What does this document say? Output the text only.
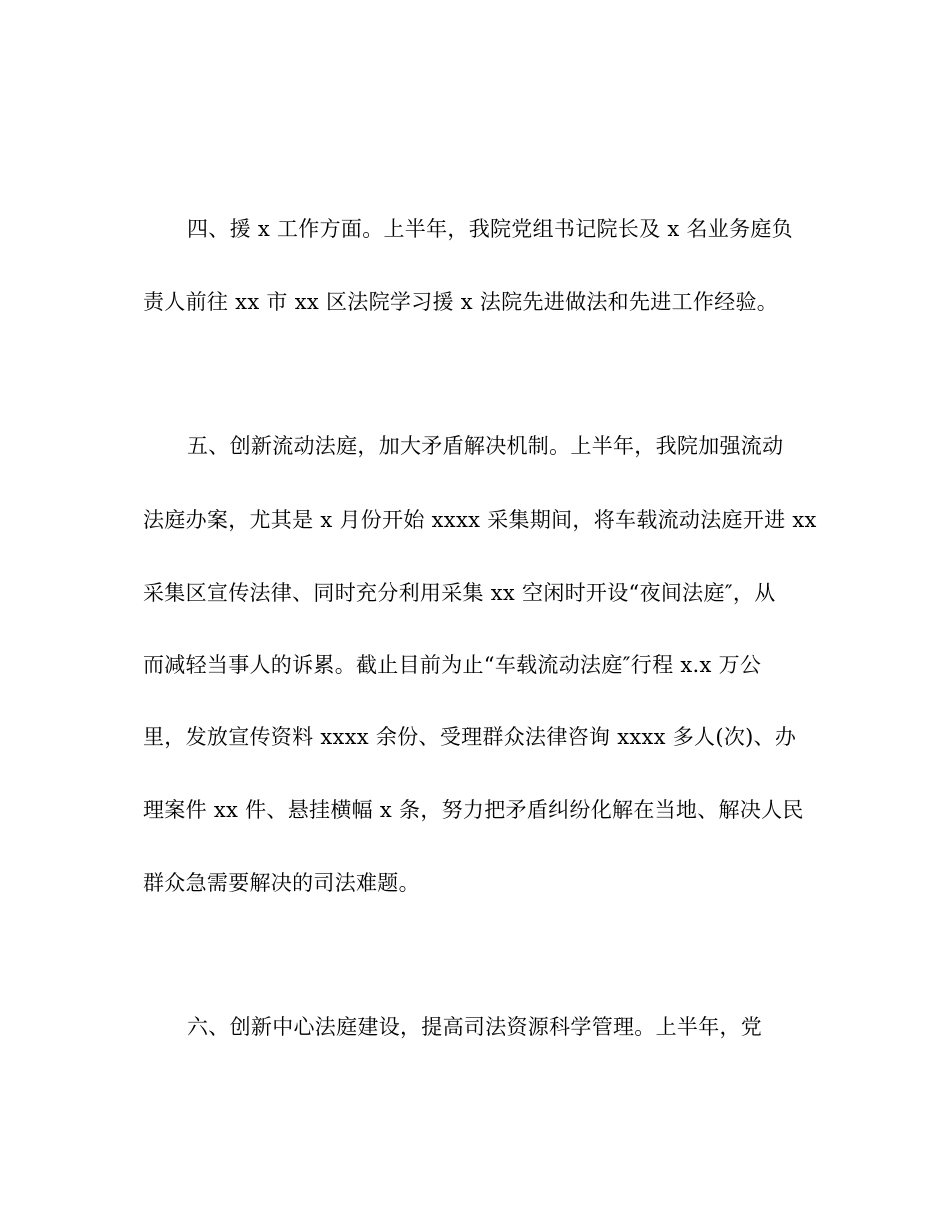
四、援 x 工作方面。上半年，我院党组书记院长及 x 名业务庭负
责人前往 xx 市 xx 区法院学习援 x 法院先进做法和先进工作经验。
五、创新流动法庭，加大矛盾解决机制。上半年，我院加强流动
法庭办案，尤其是 x 月份开始 xxxx 采集期间，将车载流动法庭开进 xx
采集区宣传法律、同时充分利用采集 xx 空闲时开设“夜间法庭″，从
而减轻当事人的诉累。截止目前为止“车载流动法庭″行程 x.x 万公
里，发放宣传资料 xxxx 余份、受理群众法律咨询 xxxx 多人(次)、办
理案件 xx 件、悬挂横幅 x 条，努力把矛盾纠纷化解在当地、解决人民
群众急需要解决的司法难题。
六、创新中心法庭建设，提高司法资源科学管理。上半年，党
